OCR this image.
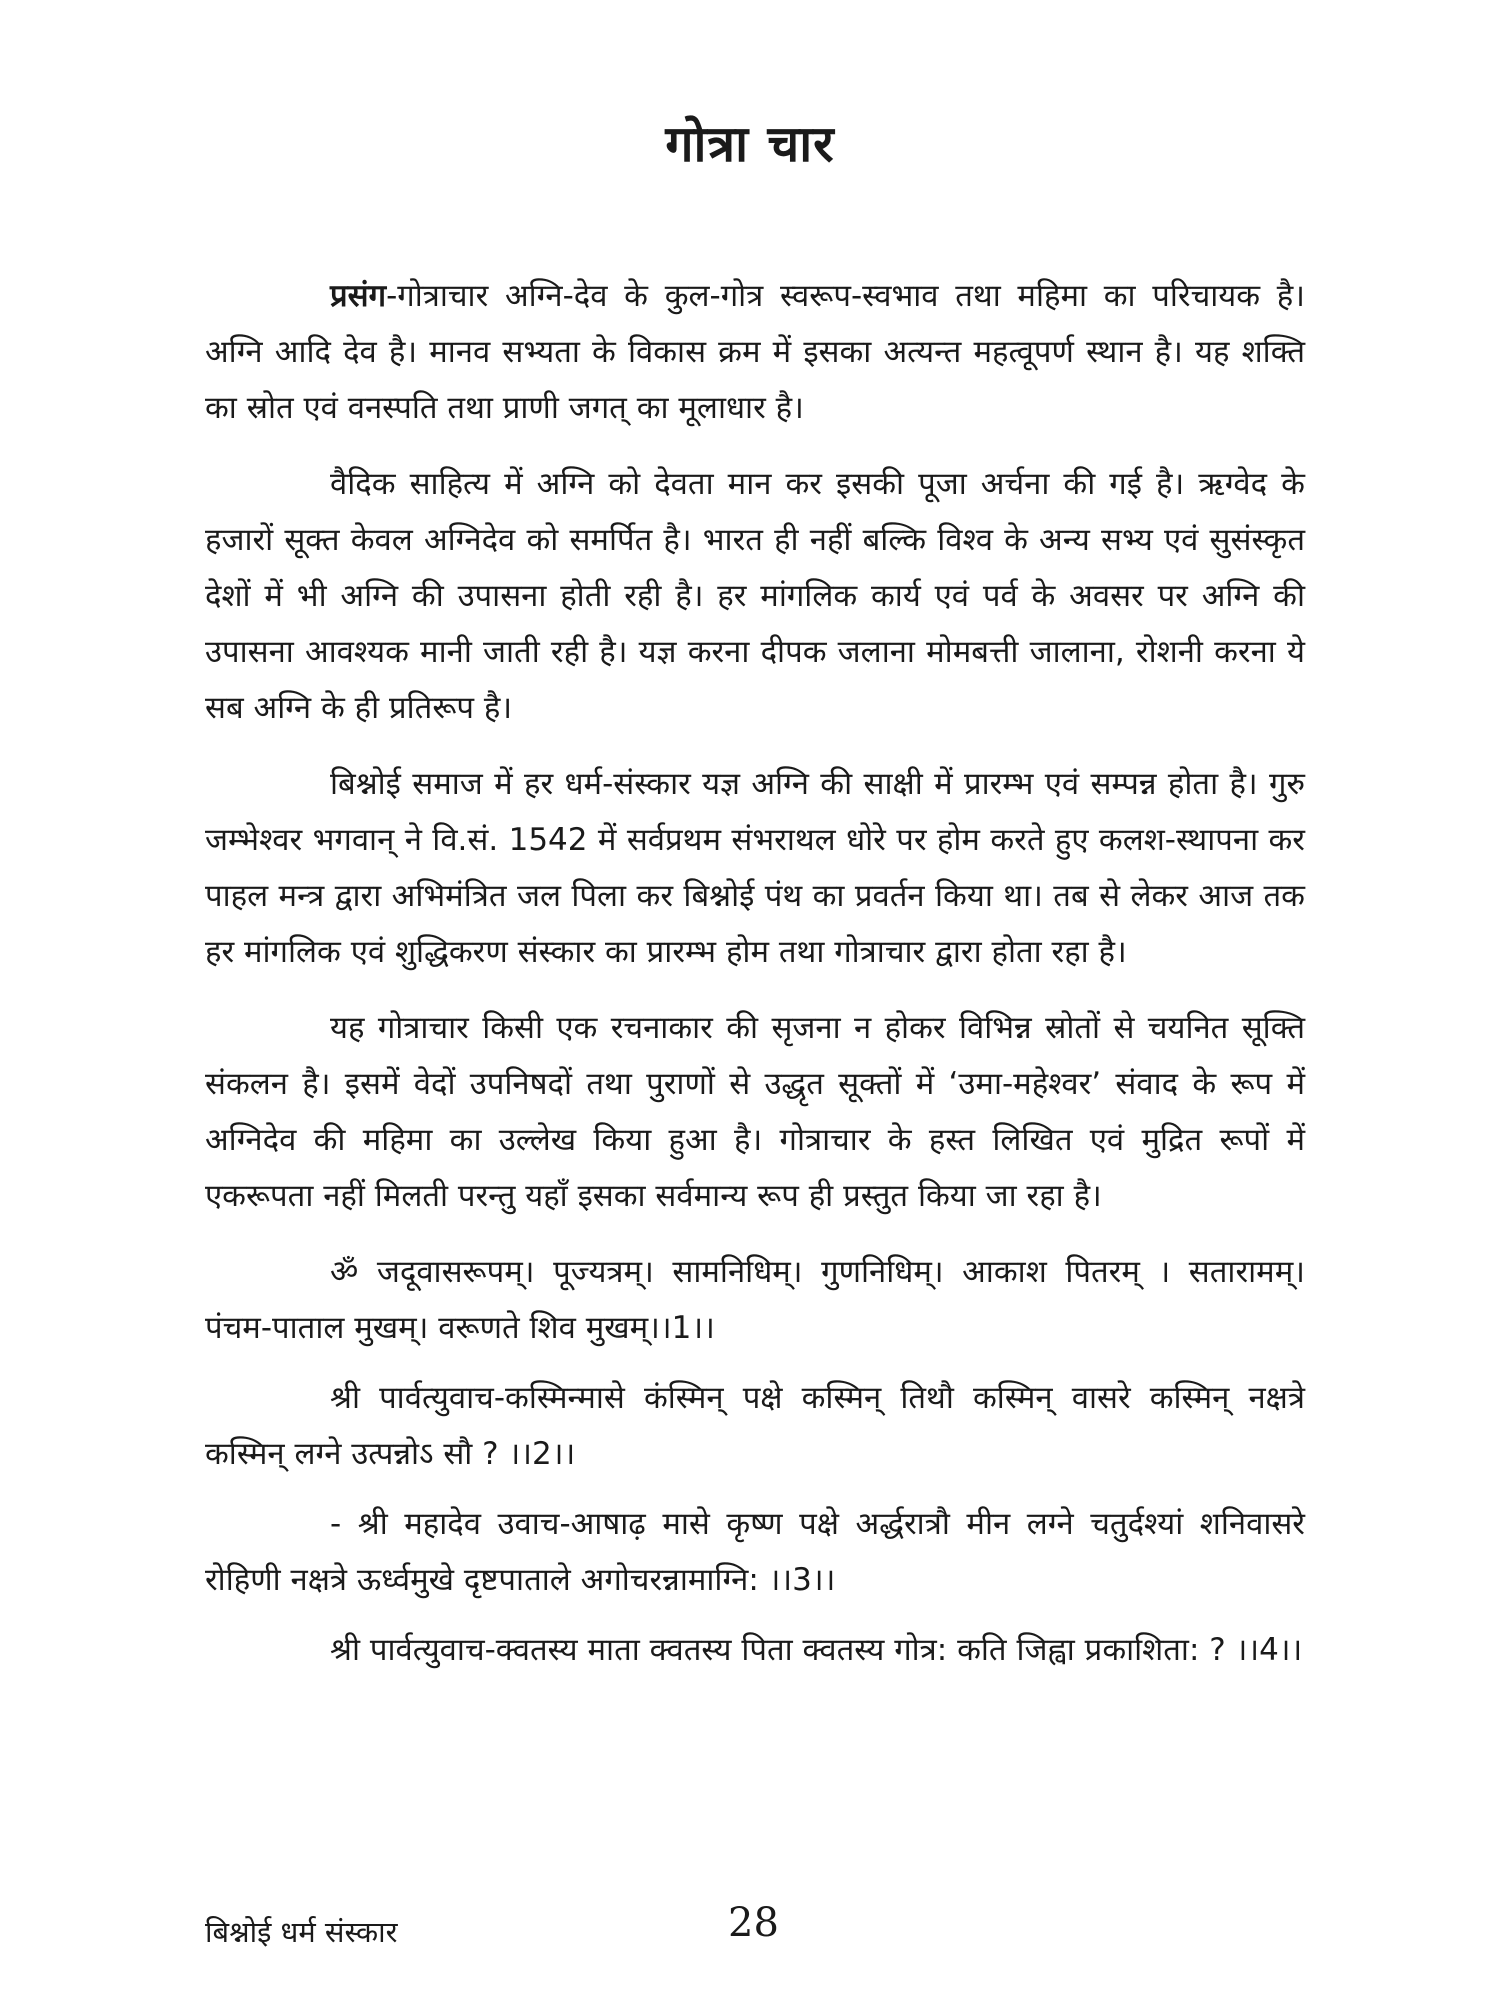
गोत्रा चार

प्रसंग-गोत्राचार अग्नि-देव के कुल-गोत्र स्वरूप-स्वभाव तथा महिमा का परिचायक है। अग्नि आदि देव है। मानव सभ्यता के विकास क्रम में इसका अत्यन्त महत्वूपर्ण स्थान है। यह शक्ति का स्रोत एवं वनस्पति तथा प्राणी जगत् का मूलाधार है।

वैदिक साहित्य में अग्नि को देवता मान कर इसकी पूजा अर्चना की गई है। ऋग्वेद के हजारों सूक्त केवल अग्निदेव को समर्पित है। भारत ही नहीं बल्कि विश्व के अन्य सभ्य एवं सुसंस्कृत देशों में भी अग्नि की उपासना होती रही है। हर मांगलिक कार्य एवं पर्व के अवसर पर अग्नि की उपासना आवश्यक मानी जाती रही है। यज्ञ करना दीपक जलाना मोमबत्ती जालाना, रोशनी करना ये सब अग्नि के ही प्रतिरूप है।

बिश्नोई समाज में हर धर्म-संस्कार यज्ञ अग्नि की साक्षी में प्रारम्भ एवं सम्पन्न होता है। गुरु जम्भेश्वर भगवान् ने वि.सं. 1542 में सर्वप्रथम संभराथल धोरे पर होम करते हुए कलश-स्थापना कर पाहल मन्त्र द्वारा अभिमंत्रित जल पिला कर बिश्नोई पंथ का प्रवर्तन किया था। तब से लेकर आज तक हर मांगलिक एवं शुद्धिकरण संस्कार का प्रारम्भ होम तथा गोत्राचार द्वारा होता रहा है।

यह गोत्राचार किसी एक रचनाकार की सृजना न होकर विभिन्न स्रोतों से चयनित सूक्ति संकलन है। इसमें वेदों उपनिषदों तथा पुराणों से उद्धृत सूक्तों में ‘उमा-महेश्वर’ संवाद के रूप में अग्निदेव की महिमा का उल्लेख किया हुआ है। गोत्राचार के हस्त लिखित एवं मुद्रित रूपों में एकरूपता नहीं मिलती परन्तु यहाँ इसका सर्वमान्य रूप ही प्रस्तुत किया जा रहा है।

ॐ जदूवासरूपम्। पूज्यत्रम्। सामनिधिम्। गुणनिधिम्। आकाश पितरम् । सतारामम्। पंचम-पाताल मुखम्। वरूणते शिव मुखम्।।1।।

श्री पार्वत्युवाच-कस्मिन्मासे कंस्मिन् पक्षे कस्मिन् तिथौ कस्मिन् वासरे कस्मिन् नक्षत्रे कस्मिन् लग्ने उत्पन्नोऽ सौ ? ।।2।।

- श्री महादेव उवाच-आषाढ़ मासे कृष्ण पक्षे अर्द्धरात्रौ मीन लग्ने चतुर्दश्यां शनिवासरे रोहिणी नक्षत्रे ऊर्ध्वमुखे दृष्टपाताले अगोचरन्नामाग्नि: ।।3।।

श्री पार्वत्युवाच-क्वतस्य माता क्वतस्य पिता क्वतस्य गोत्र: कति जिह्वा प्रकाशिता: ? ।।4।।

बिश्नोई धर्म संस्कार	28
